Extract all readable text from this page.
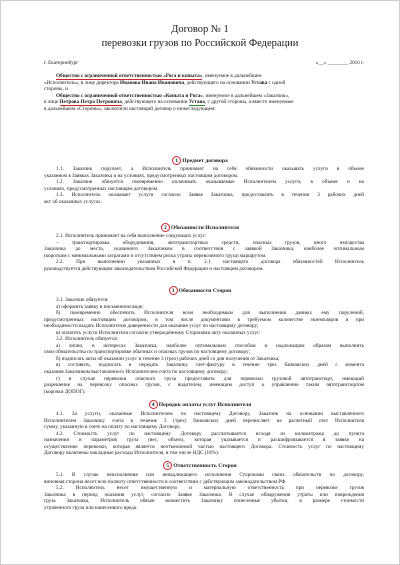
Договор № 1
перевозки грузов по Российской Федерации
г. Екатеринбург	«__» ________ 2016 г.
Общество с ограниченной ответственностью «Рога и копыта», именуемое в дальнейшем
«Исполнитель», в лице директора Иванова Ивана Ивановича, действующего на основании Устава с одной
стороны, и
Общество с ограниченной ответственностью «Копыта и Рога», именуемое в дальнейшем «Заказчик»,
в лице Петрова Петра Петровича, действующего на основании Устава, с другой стороны, а вместе именуемые
в дальнейшем «Стороны», заключили настоящий договор о нижеследующем:
1 Предмет договора
1.1. Заказчик поручает, а Исполнитель принимает на себя обязанности оказывать услуги в объеме
указанном в Заявках Заказчика и на условиях, предусмотренных настоящим договором.
1.2. Заказчик обязуется своевременно оплачивать оказываемые Исполнителем услуги, в объеме и на
условиях, предусмотренных настоящим договором.
1.3. Исполнитель оказывает услуги согласно Заявке Заказчика, предоставлять в течении 3 рабочих дней
акт об оказанных услугах.
2 Обязанности Исполнителя
2.1. Исполнитель принимает на себя выполнение следующих услуг:
– транспортировка оборудования, автотранспортных средств, опасных грузов, иного имущества
Заказчика до места, указанного Заказчиком в соответствии с заявкой Заказчика, наиболее оптимальным
(коротким с минимальными затратами и отсутствием риска утраты перевозимого груза) маршрутом.
2.2. При выполнении указанных в п. 2.1 настоящего договора обязанностей Исполнитель
руководствуется действующим законодательством Российской Федерации и настоящим договором.
3 Обязанности Сторон
3.1. Заказчик обязуется:
а) оформить заявку в письменном виде;
б) своевременно обеспечить Исполнителя всем необходимым для выполнения данных ему поручений,
предусмотренных настоящим договором, в том числе документами в требуемом количестве экземпляров и при
необходимости выдать Исполнителю доверенности для оказания услуг по настоящему договору;
в) оплатить услуги Исполнителя согласно утверждённому Сторонами акту оказанных услуг.
3.2. Исполнитель обязуется:
а) лично, в интересах Заказчика, наиболее оптимальным способом и надлежащим образом выполнить
свои обязательства по транспортировке обычных и опасных грузов по настоящему договору;
б) подписать акты об оказании услуг в течение 3 (трех) рабочих дней со дня получения от Заказчика;
в) составить, подписать и передать Заказчику счет-фактуру в течение трех банковских дней с момента
оказания Заказчиком выставленного Исполнителем счета по настоящему договору;
г) в случае перевозки опасного груза предоставить для перевозки грузовой автотранспорт, имеющий
разрешение на перевозку опасных грузов, с водителем, имеющим доступ к управлению таким автотранспортом
(корочки ДОПОГ).
4 Порядок оплаты услуг Исполнителя
4.1. За услуги, оказанные Исполнителем по настоящему Договору, Заказчик на основании выставленного
Исполнителем Заказчику счета в течение 3 (трех) банковских дней перечисляет на расчетный счет Исполнителя
сумму, указанную в счете на оплату по настоящему Договору.
4.2. Стоимость услуг по настоящему Договору рассчитывается исходя из километража до пункта
назначения и параметров груза (вес, объем), которая указывается и расшифровывается в заявке на
осуществление перевозки, которая является неотъемлемой частью настоящего Договора. Стоимость услуг по настоящему
Договору включены накладные расходы Исполнителя, в том числе НДС (18%).
5 Ответственность Сторон
5.1. В случае неисполнения или ненадлежащего исполнения Сторонами своих обязательств по договору,
виновная сторона несет всю полноту ответственности в соответствии с действующим законодательством РФ.
5.2. Исполнитель несет имущественную и материальную ответственность при перевозке грузов
Заказчика в период оказания услуг, согласно Заявке Заказчика. В случае обнаружения утраты или повреждения
груза Заказчика, Исполнитель обязан возместить Заказчику понесенные убытки, в размере стоимости
утраченного груза или нанесенного вреда.
